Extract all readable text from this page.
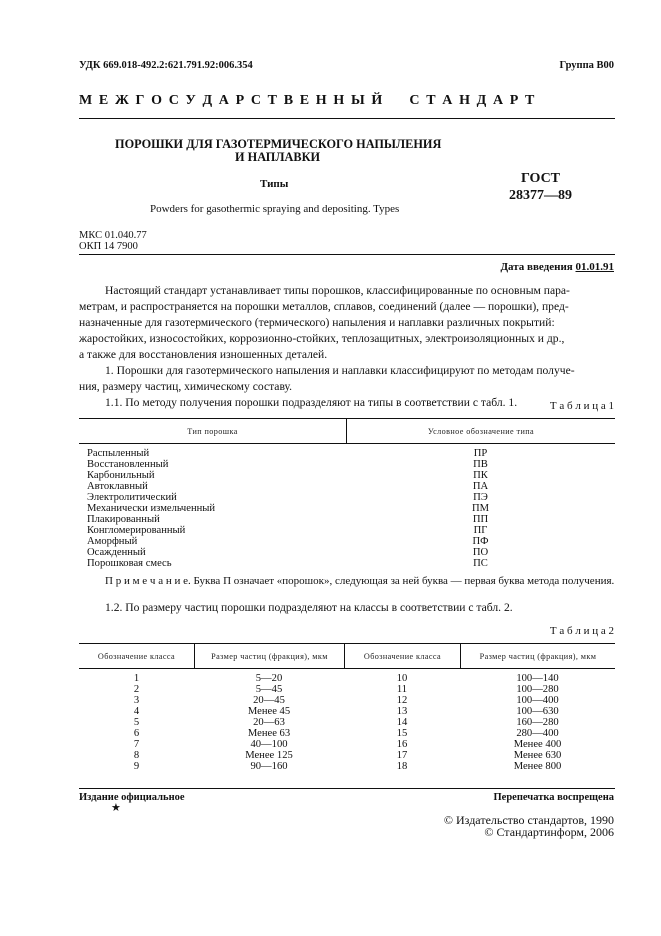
УДК 669.018-492.2:621.791.92:006.354	Группа В00
М Е Ж Г О С У Д А Р С Т В Е Н Н Ы Й     С Т А Н Д А Р Т
ПОРОШКИ ДЛЯ ГАЗОТЕРМИЧЕСКОГО НАПЫЛЕНИЯ
И НАПЛАВКИ
Типы	ГОСТ
28377—89
Powders for gasothermic spraying and depositing. Types
МКС 01.040.77
ОКП 14 7900
Дата введения 01.01.91
Настоящий стандарт устанавливает типы порошков, классифицированные по основным пара-
метрам, и распространяется на порошки металлов, сплавов, соединений (далее — порошки), пред-
назначенные для газотермического (термического) напыления и наплавки различных покрытий:
жаростойких, износостойких, коррозионно-стойких, теплозащитных, электроизоляционных и др.,
а также для восстановления изношенных деталей.
1. Порошки для газотермического напыления и наплавки классифицируют по методам получе-
ния, размеру частиц, химическому составу.
1.1. По методу получения порошки подразделяют на типы в соответствии с табл. 1.	Т а б л и ц а 1
Тип порошка	Условное обозначение типа
Распыленный	ПР
Восстановленный	ПВ
Карбонильный	ПК
Автоклавный	ПА
Электролитический	ПЭ
Механически измельченный	ПМ
Плакированный	ПП
Конгломерированный	ПГ
Аморфный	ПФ
Осажденный	ПО
Порошковая смесь	ПС
П р и м е ч а н и е. Буква П означает «порошок», следующая за ней буква — первая буква метода получения.
1.2. По размеру частиц порошки подразделяют на классы в соответствии с табл. 2.
Т а б л и ц а 2
Обозначение класса	Размер частиц (фракция), мкм	Обозначение класса	Размер частиц (фракция), мкм
1	5—20	10	100—140
2	5—45	11	100—280
3	20—45	12	100—400
4	Менее 45	13	100—630
5	20—63	14	160—280
6	Менее 63	15	280—400
7	40—100	16	Менее 400
8	Менее 125	17	Менее 630
9	90—160	18	Менее 800
Издание официальное	Перепечатка воспрещена
★
© Издательство стандартов, 1990
© Стандартинформ, 2006
